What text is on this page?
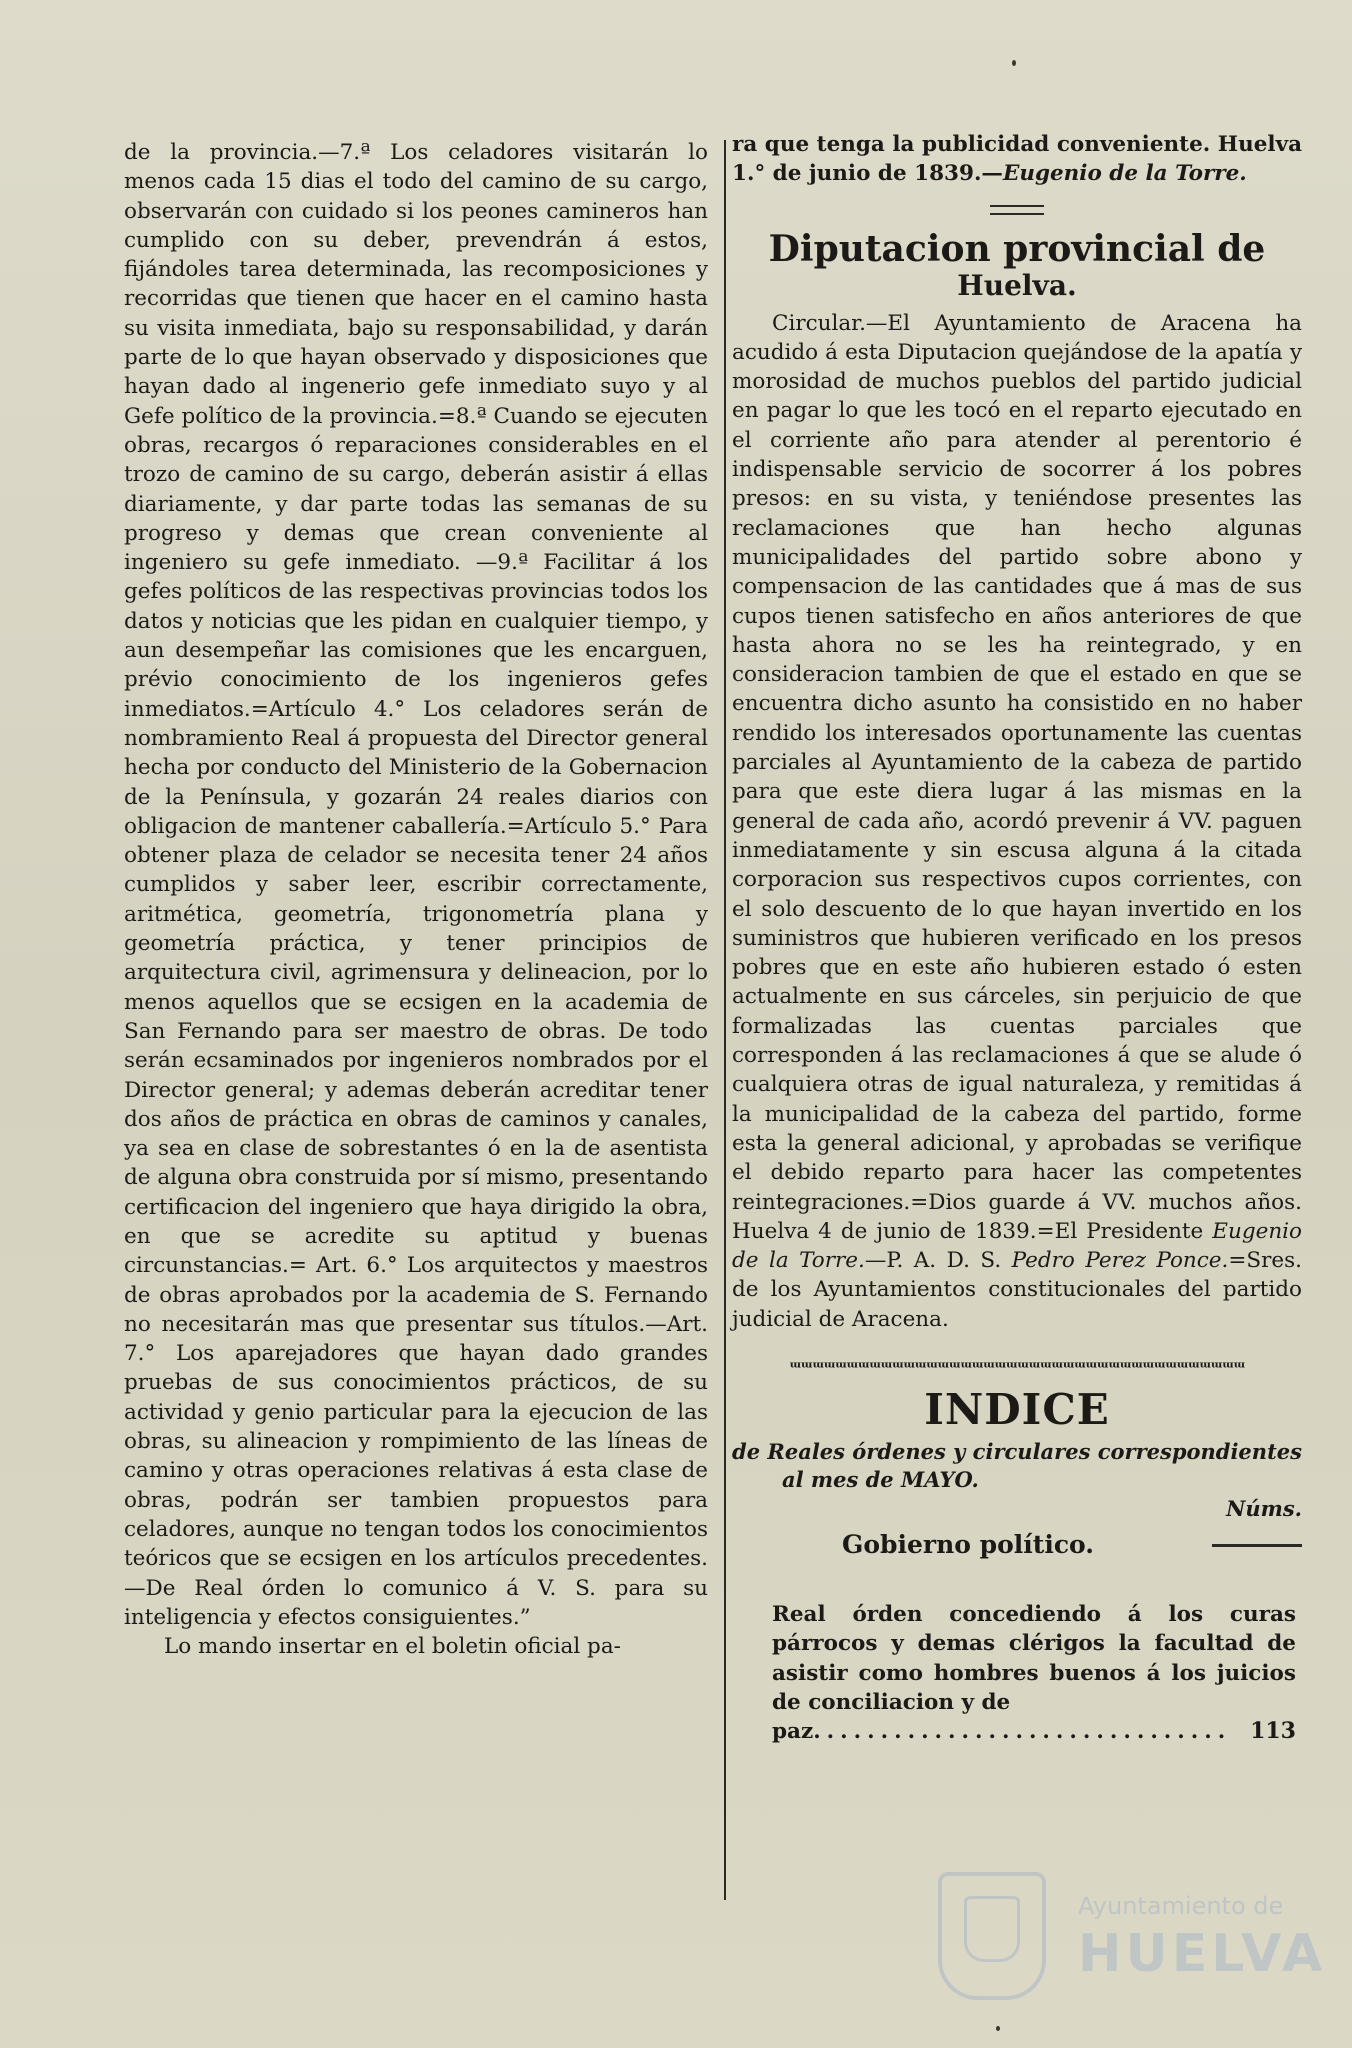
de la provincia.—7.ª Los celadores visitarán lo menos cada 15 dias el todo del camino de su cargo, observarán con cuidado si los peones camineros han cumplido con su deber, prevendrán á estos, fijándoles tarea determinada, las recomposiciones y recorridas que tienen que hacer en el camino hasta su visita inmediata, bajo su responsabilidad, y darán parte de lo que hayan observado y disposiciones que hayan dado al ingenerio gefe inmediato suyo y al Gefe político de la provincia.=8.ª Cuando se ejecuten obras, recargos ó reparaciones considerables en el trozo de camino de su cargo, deberán asistir á ellas diariamente, y dar parte todas las semanas de su progreso y demas que crean conveniente al ingeniero su gefe inmediato. —9.ª Facilitar á los gefes políticos de las respectivas provincias todos los datos y noticias que les pidan en cualquier tiempo, y aun desempeñar las comisiones que les encarguen, prévio conocimiento de los ingenieros gefes inmediatos.=Artículo 4.° Los celadores serán de nombramiento Real á propuesta del Director general hecha por conducto del Ministerio de la Gobernacion de la Península, y gozarán 24 reales diarios con obligacion de mantener caballería.=Artículo 5.° Para obtener plaza de celador se necesita tener 24 años cumplidos y saber leer, escribir correctamente, aritmética, geometría, trigonometría plana y geometría práctica, y tener principios de arquitectura civil, agrimensura y delineacion, por lo menos aquellos que se ecsigen en la academia de San Fernando para ser maestro de obras. De todo serán ecsaminados por ingenieros nombrados por el Director general; y ademas deberán acreditar tener dos años de práctica en obras de caminos y canales, ya sea en clase de sobrestantes ó en la de asentista de alguna obra construida por sí mismo, presentando certificacion del ingeniero que haya dirigido la obra, en que se acredite su aptitud y buenas circunstancias.= Art. 6.° Los arquitectos y maestros de obras aprobados por la academia de S. Fernando no necesitarán mas que presentar sus títulos.—Art. 7.° Los aparejadores que hayan dado grandes pruebas de sus conocimientos prácticos, de su actividad y genio particular para la ejecucion de las obras, su alineacion y rompimiento de las líneas de camino y otras operaciones relativas á esta clase de obras, podrán ser tambien propuestos para celadores, aunque no tengan todos los conocimientos teóricos que se ecsigen en los artículos precedentes.—De Real órden lo comunico á V. S. para su inteligencia y efectos consiguientes.”

Lo mando insertar en el boletin oficial pa-

ra que tenga la publicidad conveniente. Huelva 1.° de junio de 1839.—Eugenio de la Torre.

Diputacion provincial de
Huelva.

Circular.—El Ayuntamiento de Aracena ha acudido á esta Diputacion quejándose de la apatía y morosidad de muchos pueblos del partido judicial en pagar lo que les tocó en el reparto ejecutado en el corriente año para atender al perentorio é indispensable servicio de socorrer á los pobres presos: en su vista, y teniéndose presentes las reclamaciones que han hecho algunas municipalidades del partido sobre abono y compensacion de las cantidades que á mas de sus cupos tienen satisfecho en años anteriores de que hasta ahora no se les ha reintegrado, y en consideracion tambien de que el estado en que se encuentra dicho asunto ha consistido en no haber rendido los interesados oportunamente las cuentas parciales al Ayuntamiento de la cabeza de partido para que este diera lugar á las mismas en la general de cada año, acordó prevenir á VV. paguen inmediatamente y sin escusa alguna á la citada corporacion sus respectivos cupos corrientes, con el solo descuento de lo que hayan invertido en los suministros que hubieren verificado en los presos pobres que en este año hubieren estado ó esten actualmente en sus cárceles, sin perjuicio de que formalizadas las cuentas parciales que corresponden á las reclamaciones á que se alude ó cualquiera otras de igual naturaleza, y remitidas á la municipalidad de la cabeza del partido, forme esta la general adicional, y aprobadas se verifique el debido reparto para hacer las competentes reintegraciones.=Dios guarde á VV. muchos años. Huelva 4 de junio de 1839.=El Presidente Eugenio de la Torre.—P. A. D. S. Pedro Perez Ponce.=Sres. de los Ayuntamientos constitucionales del partido judicial de Aracena.

ᵚᵚᵚᵚᵚᵚᵚᵚᵚᵚᵚᵚᵚᵚᵚᵚᵚᵚᵚᵚᵚᵚᵚᵚᵚᵚᵚᵚᵚᵚᵚᵚᵚᵚᵚᵚᵚᵚᵚᵚ
INDICE

de Reales órdenes y circulares correspondientes

al mes de MAYO.

Núms.
Gobierno político.

Real órden concediendo á los curas párrocos y demas clérigos la facultad de asistir como hombres buenos á los juicios de conciliacion y de

paz ............................... 113
Ayuntamiento de
HUELVA
